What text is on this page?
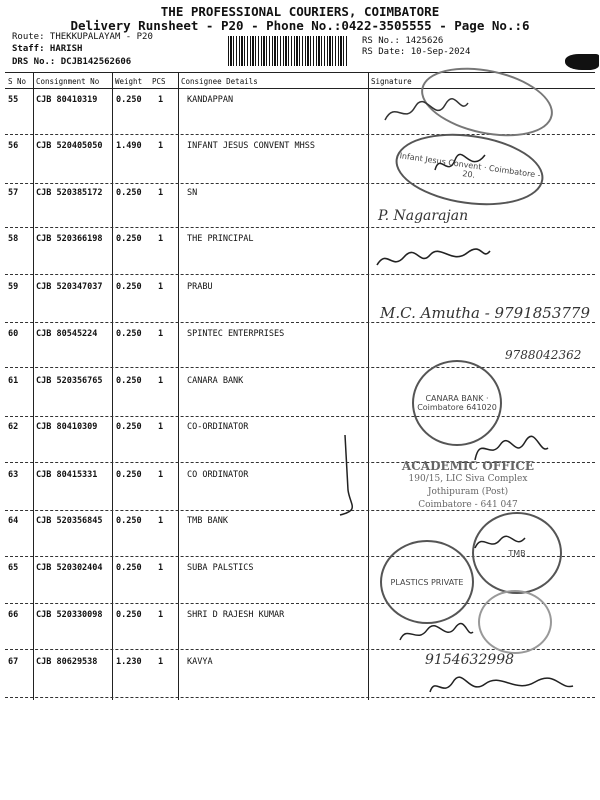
THE PROFESSIONAL COURIERS, COIMBATORE
Delivery Runsheet - P20 - Phone No.:0422-3505555 - Page No.:6
Route: THEKKUPALAYAM - P20
Staff: HARISH
DRS No.: DCJB142562606
RS No.: 1425626
RS Date: 10-Sep-2024
S No Consignment No Weight PCS Consignee Details	Signature
55 CJB 80410319 0.250 1	KANDAPPAN
56 CJB 520405050 1.490 1	INFANT JESUS CONVENT MHSS
57 CJB 520385172 0.250 1	SN
58 CJB 520366198 0.250 1	THE PRINCIPAL
59 CJB 520347037 0.250 1	PRABU
60 CJB 80545224 0.250 1	SPINTEC ENTERPRISES
61 CJB 520356765 0.250 1	CANARA BANK
62 CJB 80410309 0.250 1	CO-ORDINATOR
63 CJB 80415331 0.250 1	CO ORDINATOR
64 CJB 520356845 0.250 1	TMB BANK
65 CJB 520302404 0.250 1	SUBA PALSTICS
66 CJB 520330098 0.250 1	SHRI D RAJESH KUMAR
67 CJB 80629538 1.230 1	KAVYA
Infant Jesus Convent · Coimbatore - 20.
P. Nagarajan
M.C. Amutha - 9791853779
9788042362
CANARA BANK · Coimbatore 641020
ACADEMIC OFFICE
190/15, LIC Siva Complex
Jothipuram (Post)
Coimbatore - 641 047
TMB
PLASTICS PRIVATE
9154632998
